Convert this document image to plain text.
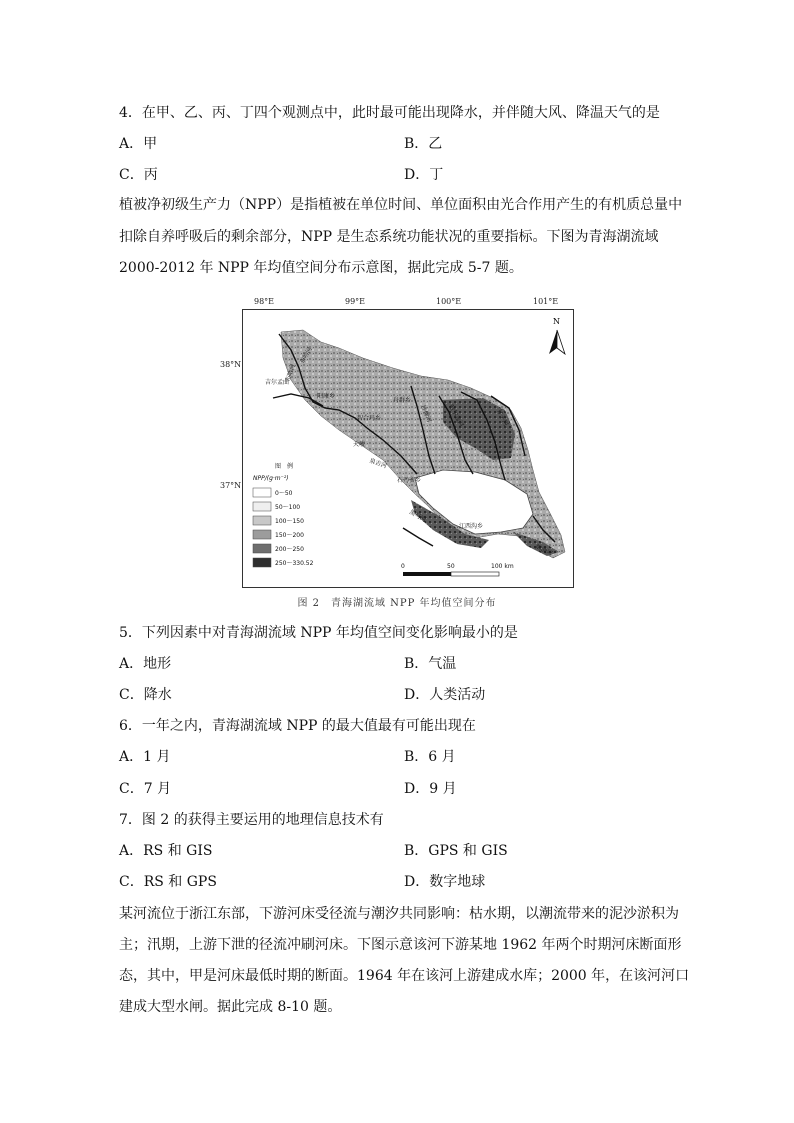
4．在甲、乙、丙、丁四个观测点中，此时最可能出现降水，并伴随大风、降温天气的是
A．甲	B．乙
C．丙	D．丁
植被净初级生产力（NPP）是指植被在单位时间、单位面积由光合作用产生的有机质总量中
扣除自养呼吸后的剩余部分，NPP 是生态系统功能状况的重要指标。下图为青海湖流域
2000-2012 年 NPP 年均值空间分布示意图，据此完成 5-7 题。
98°E	99°E	100°E	101°E
38°N
37°N
布哈河
阳康乡
舟群乡
智合玛乡
天峻
泉吉河
石乃亥乡
黑马河
江西沟乡
倒淌河
沙柳河 哈尔盖河
吉尔孟曲
布哈河
甘子河
N
图　例
NPP/(g·m⁻²)
0～50
50～100
100～150
150～200
200～250
250～330.52	0	50	100 km
图 2　青海湖流域 NPP 年均值空间分布
5．下列因素中对青海湖流域 NPP 年均值空间变化影响最小的是
A．地形	B．气温
C．降水	D．人类活动
6．一年之内，青海湖流域 NPP 的最大值最有可能出现在
A．1 月	B．6 月
C．7 月	D．9 月
7．图 2 的获得主要运用的地理信息技术有
A．RS 和 GIS	B．GPS 和 GIS
C．RS 和 GPS	D．数字地球
某河流位于浙江东部，下游河床受径流与潮汐共同影响：枯水期，以潮流带来的泥沙淤积为
主；汛期，上游下泄的径流冲刷河床。下图示意该河下游某地 1962 年两个时期河床断面形
态，其中，甲是河床最低时期的断面。1964 年在该河上游建成水库；2000 年，在该河河口
建成大型水闸。据此完成 8-10 题。
